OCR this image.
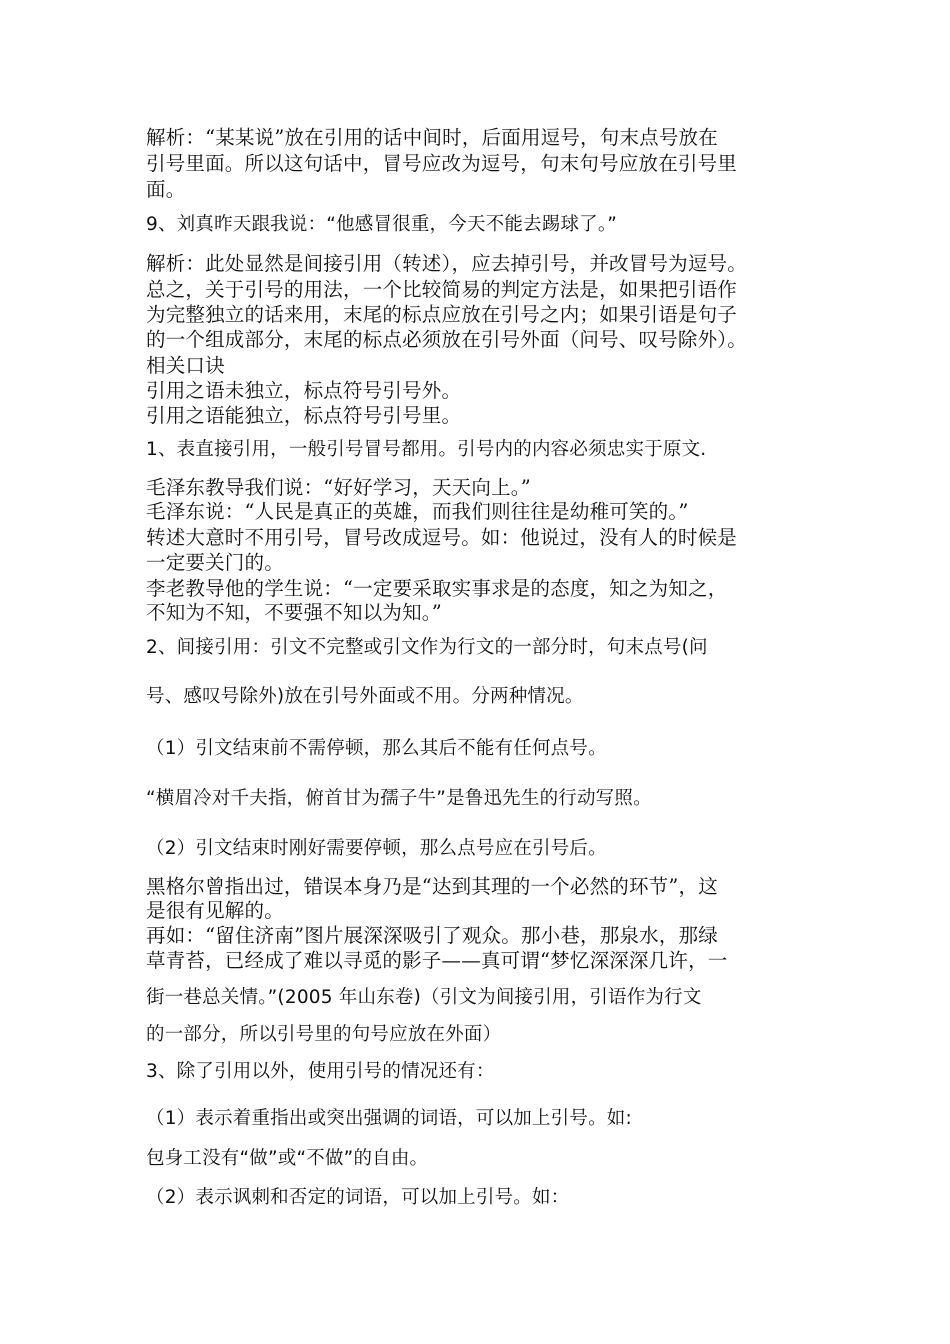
解析：“某某说”放在引用的话中间时，后面用逗号，句末点号放在

引号里面。所以这句话中，冒号应改为逗号，句末句号应放在引号里

面。

9、刘真昨天跟我说：“他感冒很重，今天不能去踢球了。”

解析：此处显然是间接引用（转述），应去掉引号，并改冒号为逗号。

总之，关于引号的用法，一个比较简易的判定方法是，如果把引语作

为完整独立的话来用，末尾的标点应放在引号之内；如果引语是句子

的一个组成部分，末尾的标点必须放在引号外面（问号、叹号除外）。

相关口诀

引用之语未独立，标点符号引号外。

引用之语能独立，标点符号引号里。

1、表直接引用，一般引号冒号都用。引号内的内容必须忠实于原文.

毛泽东教导我们说：“好好学习，天天向上。”

毛泽东说：“人民是真正的英雄，而我们则往往是幼稚可笑的。”

转述大意时不用引号，冒号改成逗号。如：他说过，没有人的时候是

一定要关门的。

李老教导他的学生说：“一定要采取实事求是的态度，知之为知之，

不知为不知，不要强不知以为知。”

2、间接引用：引文不完整或引文作为行文的一部分时，句末点号(问

号、感叹号除外)放在引号外面或不用。分两种情况。

（1）引文结束前不需停顿，那么其后不能有任何点号。

“横眉冷对千夫指，俯首甘为孺子牛”是鲁迅先生的行动写照。

（2）引文结束时刚好需要停顿，那么点号应在引号后。

黑格尔曾指出过，错误本身乃是“达到其理的一个必然的环节”，这

是很有见解的。

再如：“留住济南”图片展深深吸引了观众。那小巷，那泉水，那绿

草青苔，已经成了难以寻觅的影子——真可谓“梦忆深深深几许，一

街一巷总关情。”(2005 年山东卷)（引文为间接引用，引语作为行文

的一部分，所以引号里的句号应放在外面）

3、除了引用以外，使用引号的情况还有：

（1）表示着重指出或突出强调的词语，可以加上引号。如:

包身工没有“做”或“不做”的自由。

（2）表示讽刺和否定的词语，可以加上引号。如：
